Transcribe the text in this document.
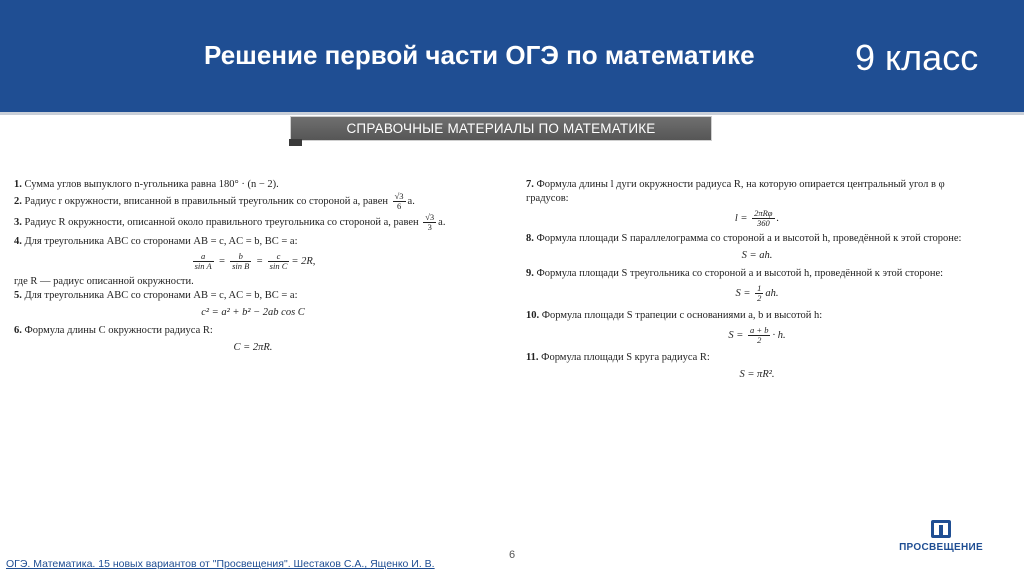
Решение первой части ОГЭ по математике	9 класс
СПРАВОЧНЫЕ МАТЕРИАЛЫ ПО МАТЕМАТИКЕ
1. Сумма углов выпуклого n-угольника равна 180° · (n − 2).
2. Радиус r окружности, вписанной в правильный треугольник со стороной a, равен $\frac{√3}{6} a$.
3. Радиус R окружности, описанной около правильного треугольника со стороной a, равен $\frac{√3}{3} a$.
4. Для треугольника ABC со сторонами AB = c, AC = b, BC = a:
$\frac{a}{\text{sin A}} = \frac{b}{\text{sin B}} = \frac{c}{\text{sin C}} = 2R$,
где R — радиус описанной окружности.
5. Для треугольника ABC со сторонами AB = c, AC = b, BC = a:
c² = a² + b² − 2ab cos C
6. Формула длины C окружности радиуса R:
C = 2πR.
7. Формула длины l дуги окружности радиуса R, на которую опирается центральный угол в φ градусов:
$l = \frac{\text{2πRφ}}{360}$ .
8. Формула площади S параллелограмма со стороной a и высотой h, проведённой к этой стороне:
S = ah.
9. Формула площади S треугольника со стороной a и высотой h, проведённой к этой стороне:
$S = \frac{1}{2}$ ah.
10. Формула площади S трапеции с основаниями a, b и высотой h:
$S = \frac{a + b}{2} \cdot h$.
11. Формула площади S круга радиуса R:
S = πR².
6
ОГЭ. Математика. 15 новых вариантов от "Просвещения". Шестаков С.А., Ященко И. В.
ПРОСВЕЩЕНИЕ
